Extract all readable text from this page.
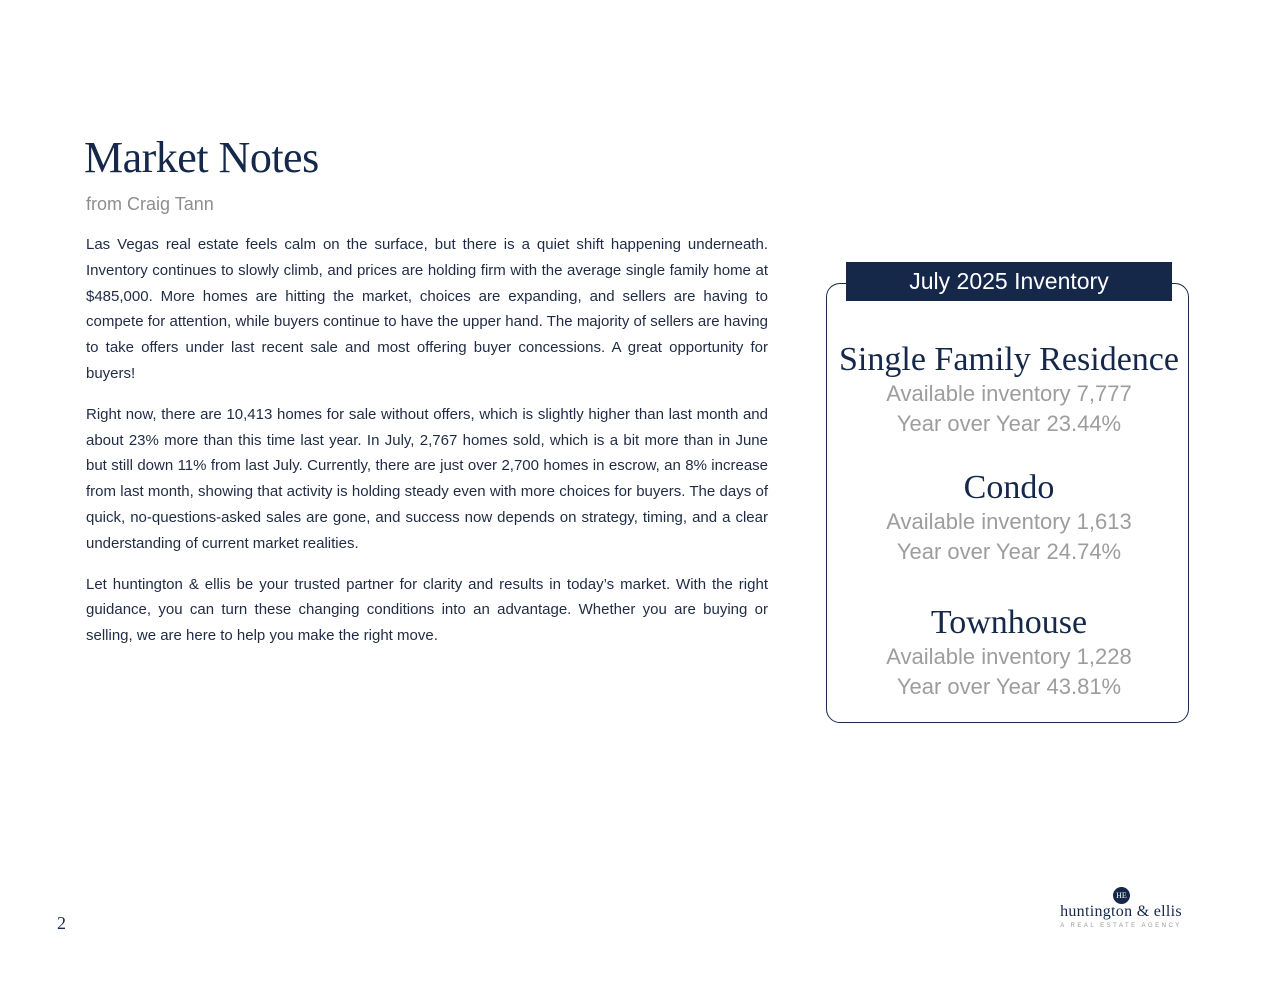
Market Notes
from Craig Tann

Las Vegas real estate feels calm on the surface, but there is a quiet shift happening underneath. Inventory continues to slowly climb, and prices are holding firm with the average single family home at $485,000. More homes are hitting the market, choices are expanding, and sellers are having to compete for attention, while buyers continue to have the upper hand. The majority of sellers are having to take offers under last recent sale and most offering buyer concessions. A great opportunity for buyers!

Right now, there are 10,413 homes for sale without offers, which is slightly higher than last month and about 23% more than this time last year. In July, 2,767 homes sold, which is a bit more than in June but still down 11% from last July. Currently, there are just over 2,700 homes in escrow, an 8% increase from last month, showing that activity is holding steady even with more choices for buyers. The days of quick, no-questions-asked sales are gone, and success now depends on strategy, timing, and a clear understanding of current market realities.

Let huntington & ellis be your trusted partner for clarity and results in today’s market. With the right guidance, you can turn these changing conditions into an advantage. Whether you are buying or selling, we are here to help you make the right move.

July 2025 Inventory
Single Family Residence
Available inventory 7,777
Year over Year 23.44%
Condo
Available inventory 1,613
Year over Year 24.74%
Townhouse
Available inventory 1,228
Year over Year 43.81%
2
HE
huntington & ellis
A REAL ESTATE AGENCY
